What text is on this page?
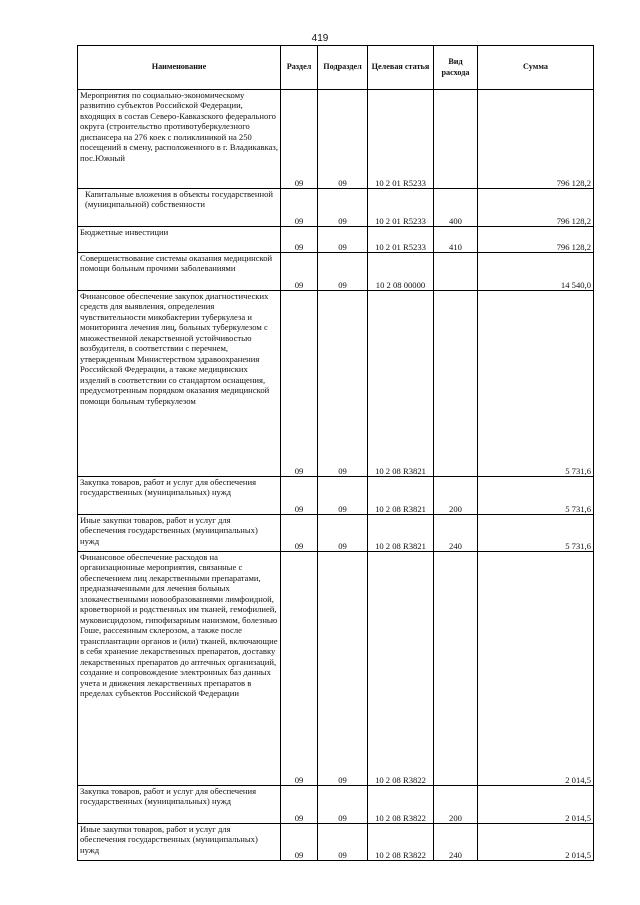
419
Наименование	Раздел	Подраздел	Целевая статья	Вид расхода	Сумма

Мероприятия по социально-экономическому развитию субъектов Российской Федерации, входящих в состав Северо-Кавказского федерального округа (строительство противотуберкулезного диспансера на 276 коек с поликлиникой на 250 посещений в смену, расположенного в г. Владикавказ, пос.Южный	09	09	10 2 01 R5233		796 128,2

Капитальные вложения в объекты государственной (муниципальной) собственности	09	09	10 2 01 R5233	400	796 128,2

Бюджетные инвестиции	09	09	10 2 01 R5233	410	796 128,2

Совершенствование системы оказания медицинской помощи больным прочими заболеваниями	09	09	10 2 08 00000		14 540,0

Финансовое обеспечение закупок диагностических средств для выявления, определения чувствительности микобактерии туберкулеза и мониторинга лечения лиц, больных туберкулезом с множественной лекарственной устойчивостью возбудителя, в соответствии с перечнем, утвержденным Министерством здравоохранения Российской Федерации, а также медицинских изделий в соответствии со стандартом оснащения, предусмотренным порядком оказания медицинской помощи больным туберкулезом	09	09	10 2 08 R3821		5 731,6

Закупка товаров, работ и услуг для обеспечения государственных (муниципальных) нужд	09	09	10 2 08 R3821	200	5 731,6

Иные закупки товаров, работ и услуг для обеспечения государственных (муниципальных) нужд	09	09	10 2 08 R3821	240	5 731,6

Финансовое обеспечение расходов на организационные мероприятия, связанные с обеспечением лиц лекарственными препаратами, предназначенными для лечения больных злокачественными новообразованиями лимфоидной, кроветворной и родственных им тканей, гемофилией, муковисцидозом, гипофизарным нанизмом, болезнью Гоше, рассеянным склерозом, а также после трансплантации органов и (или) тканей, включающие в себя хранение лекарственных препаратов, доставку лекарственных препаратов до аптечных организаций, создание и сопровождение электронных баз данных учета и движения лекарственных препаратов в пределах субъектов Российской Федерации	09	09	10 2 08 R3822		2 014,5

Закупка товаров, работ и услуг для обеспечения государственных (муниципальных) нужд	09	09	10 2 08 R3822	200	2 014,5

Иные закупки товаров, работ и услуг для обеспечения государственных (муниципальных) нужд	09	09	10 2 08 R3822	240	2 014,5
